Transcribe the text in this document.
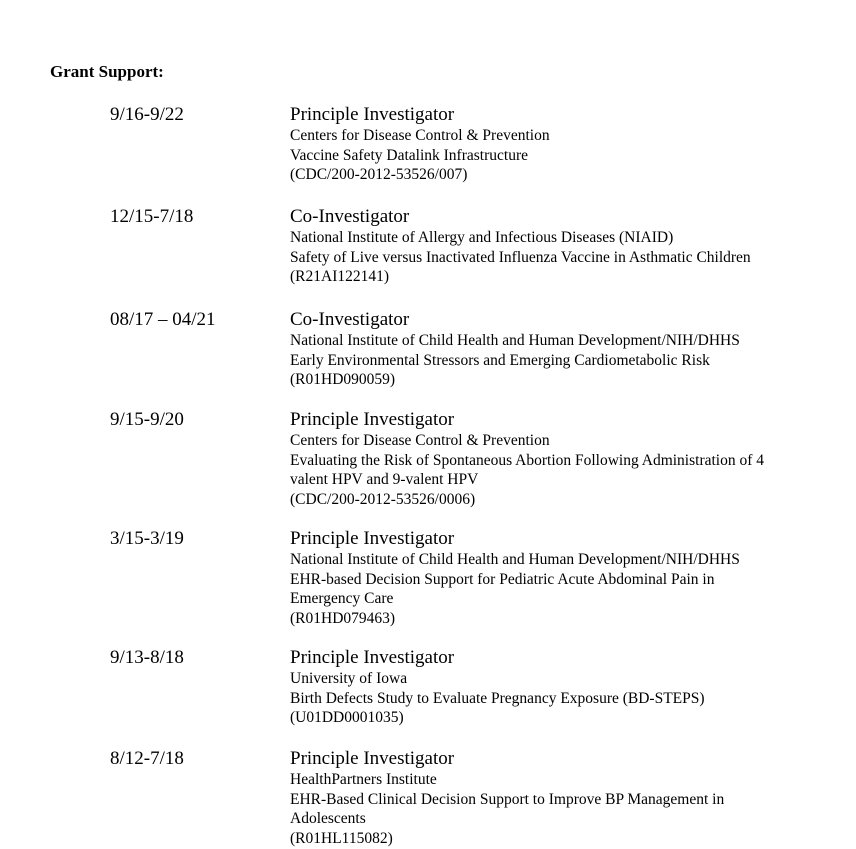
Grant Support:
9/16-9/22	Principle Investigator
Centers for Disease Control & Prevention
Vaccine Safety Datalink Infrastructure
(CDC/200-2012-53526/007)
12/15-7/18	Co-Investigator
National Institute of Allergy and Infectious Diseases (NIAID)
Safety of Live versus Inactivated Influenza Vaccine in Asthmatic Children
(R21AI122141)
08/17 – 04/21	Co-Investigator
National Institute of Child Health and Human Development/NIH/DHHS
Early Environmental Stressors and Emerging Cardiometabolic Risk
(R01HD090059)
9/15-9/20	Principle Investigator
Centers for Disease Control & Prevention
Evaluating the Risk of Spontaneous Abortion Following Administration of 4
valent HPV and 9-valent HPV
(CDC/200-2012-53526/0006)
3/15-3/19	Principle Investigator
National Institute of Child Health and Human Development/NIH/DHHS
EHR-based Decision Support for Pediatric Acute Abdominal Pain in
Emergency Care
(R01HD079463)
9/13-8/18	Principle Investigator
University of Iowa
Birth Defects Study to Evaluate Pregnancy Exposure (BD-STEPS)
(U01DD0001035)
8/12-7/18	Principle Investigator
HealthPartners Institute
EHR-Based Clinical Decision Support to Improve BP Management in
Adolescents
(R01HL115082)
